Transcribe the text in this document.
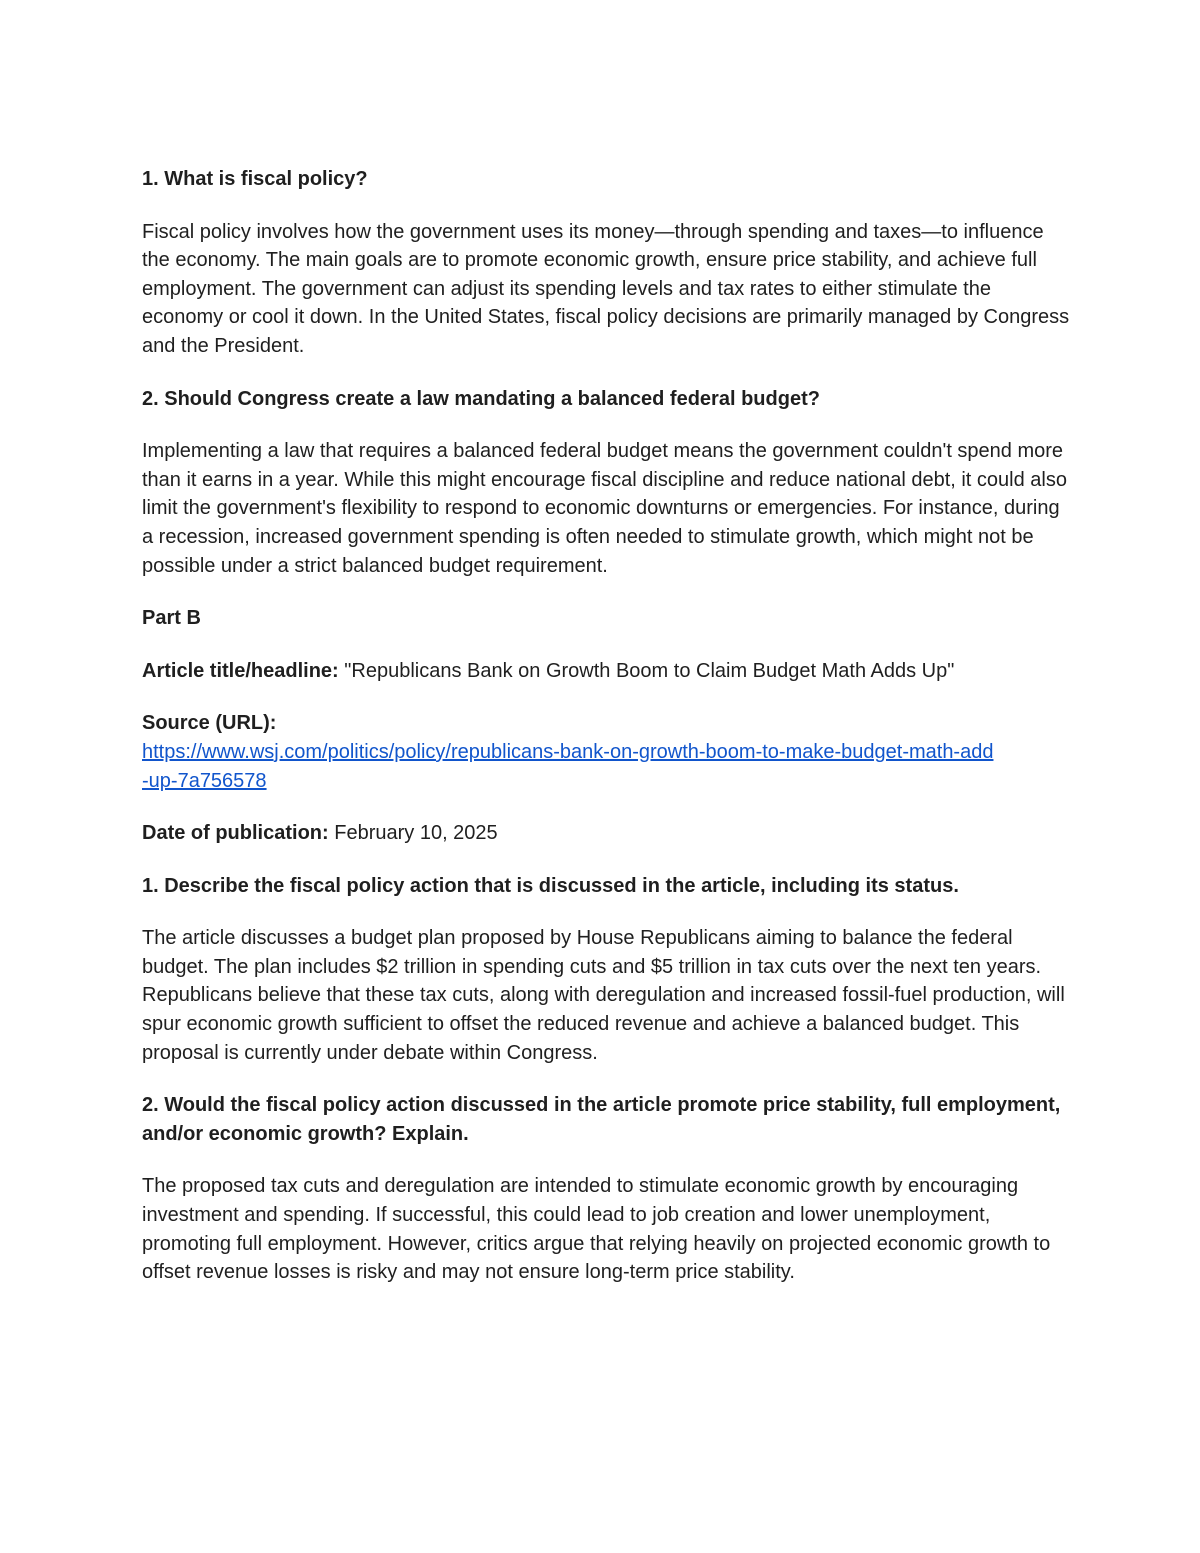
1. What is fiscal policy?
Fiscal policy involves how the government uses its money—through spending and taxes—to influence the economy. The main goals are to promote economic growth, ensure price stability, and achieve full employment. The government can adjust its spending levels and tax rates to either stimulate the economy or cool it down. In the United States, fiscal policy decisions are primarily managed by Congress and the President.
2. Should Congress create a law mandating a balanced federal budget?
Implementing a law that requires a balanced federal budget means the government couldn't spend more than it earns in a year. While this might encourage fiscal discipline and reduce national debt, it could also limit the government's flexibility to respond to economic downturns or emergencies. For instance, during a recession, increased government spending is often needed to stimulate growth, which might not be possible under a strict balanced budget requirement.
Part B
Article title/headline: "Republicans Bank on Growth Boom to Claim Budget Math Adds Up"
Source (URL):
https://www.wsj.com/politics/policy/republicans-bank-on-growth-boom-to-make-budget-math-add
-up-7a756578
Date of publication: February 10, 2025
1. Describe the fiscal policy action that is discussed in the article, including its status.
The article discusses a budget plan proposed by House Republicans aiming to balance the federal budget. The plan includes $2 trillion in spending cuts and $5 trillion in tax cuts over the next ten years. Republicans believe that these tax cuts, along with deregulation and increased fossil-fuel production, will spur economic growth sufficient to offset the reduced revenue and achieve a balanced budget. This proposal is currently under debate within Congress.
2. Would the fiscal policy action discussed in the article promote price stability, full employment, and/or economic growth? Explain.
The proposed tax cuts and deregulation are intended to stimulate economic growth by encouraging investment and spending. If successful, this could lead to job creation and lower unemployment, promoting full employment. However, critics argue that relying heavily on projected economic growth to offset revenue losses is risky and may not ensure long-term price stability.
